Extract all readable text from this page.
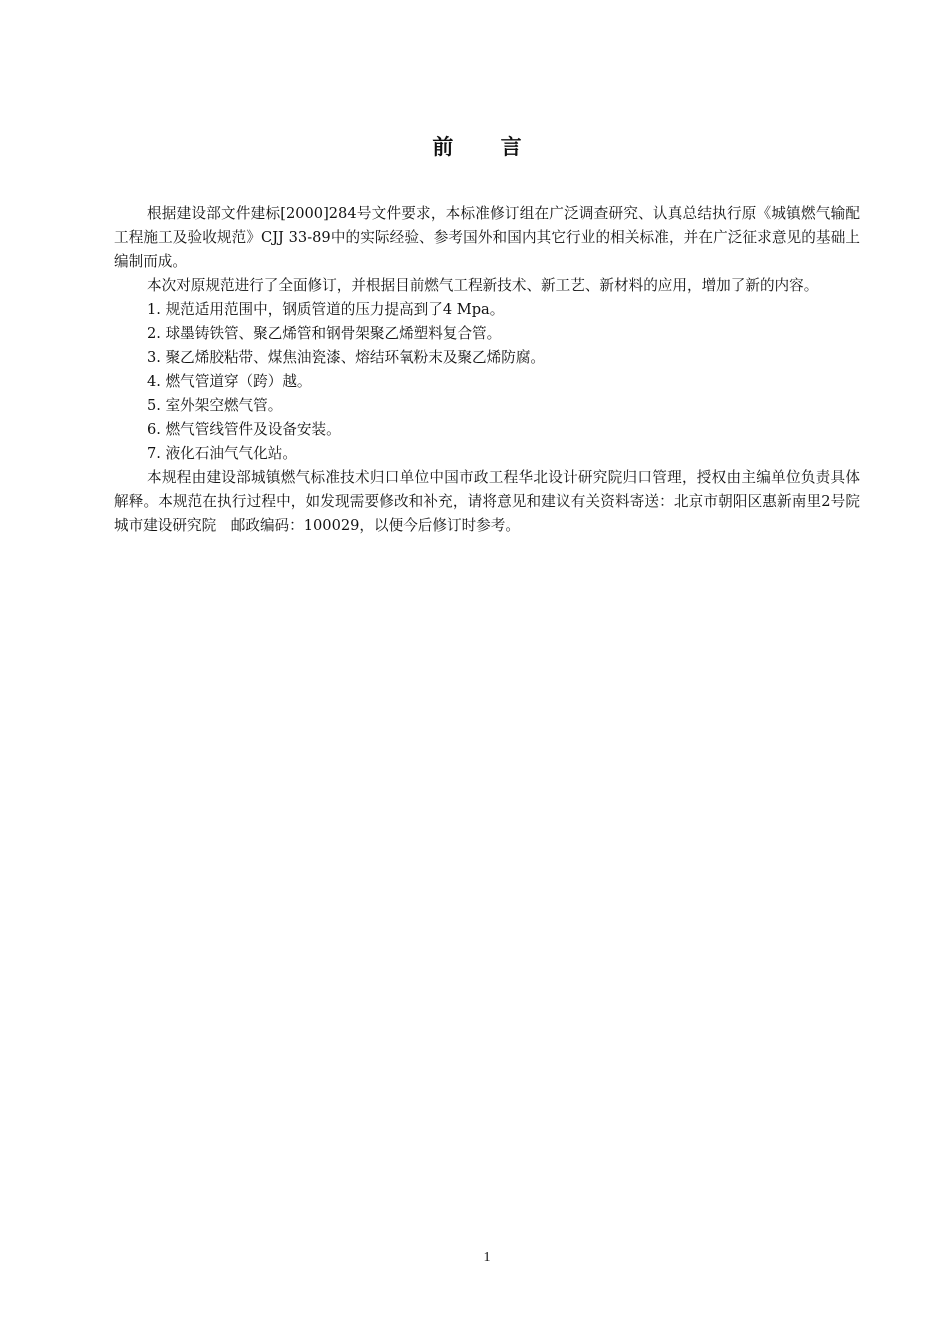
前 言

根据建设部文件建标[2000]284号文件要求，本标准修订组在广泛调查研究、认真总结执行原《城镇燃气输配工程施工及验收规范》CJJ 33-89中的实际经验、参考国外和国内其它行业的相关标准，并在广泛征求意见的基础上编制而成。

本次对原规范进行了全面修订，并根据目前燃气工程新技术、新工艺、新材料的应用，增加了新的内容。

1. 规范适用范围中，钢质管道的压力提高到了4 Mpa。

2. 球墨铸铁管、聚乙烯管和钢骨架聚乙烯塑料复合管。

3. 聚乙烯胶粘带、煤焦油瓷漆、熔结环氧粉末及聚乙烯防腐。

4. 燃气管道穿（跨）越。

5. 室外架空燃气管。

6. 燃气管线管件及设备安装。

7. 液化石油气气化站。

本规程由建设部城镇燃气标准技术归口单位中国市政工程华北设计研究院归口管理，授权由主编单位负责具体解释。本规范在执行过程中，如发现需要修改和补充，请将意见和建议有关资料寄送：北京市朝阳区惠新南里2号院　城市建设研究院　邮政编码：100029，以便今后修订时参考。

1
